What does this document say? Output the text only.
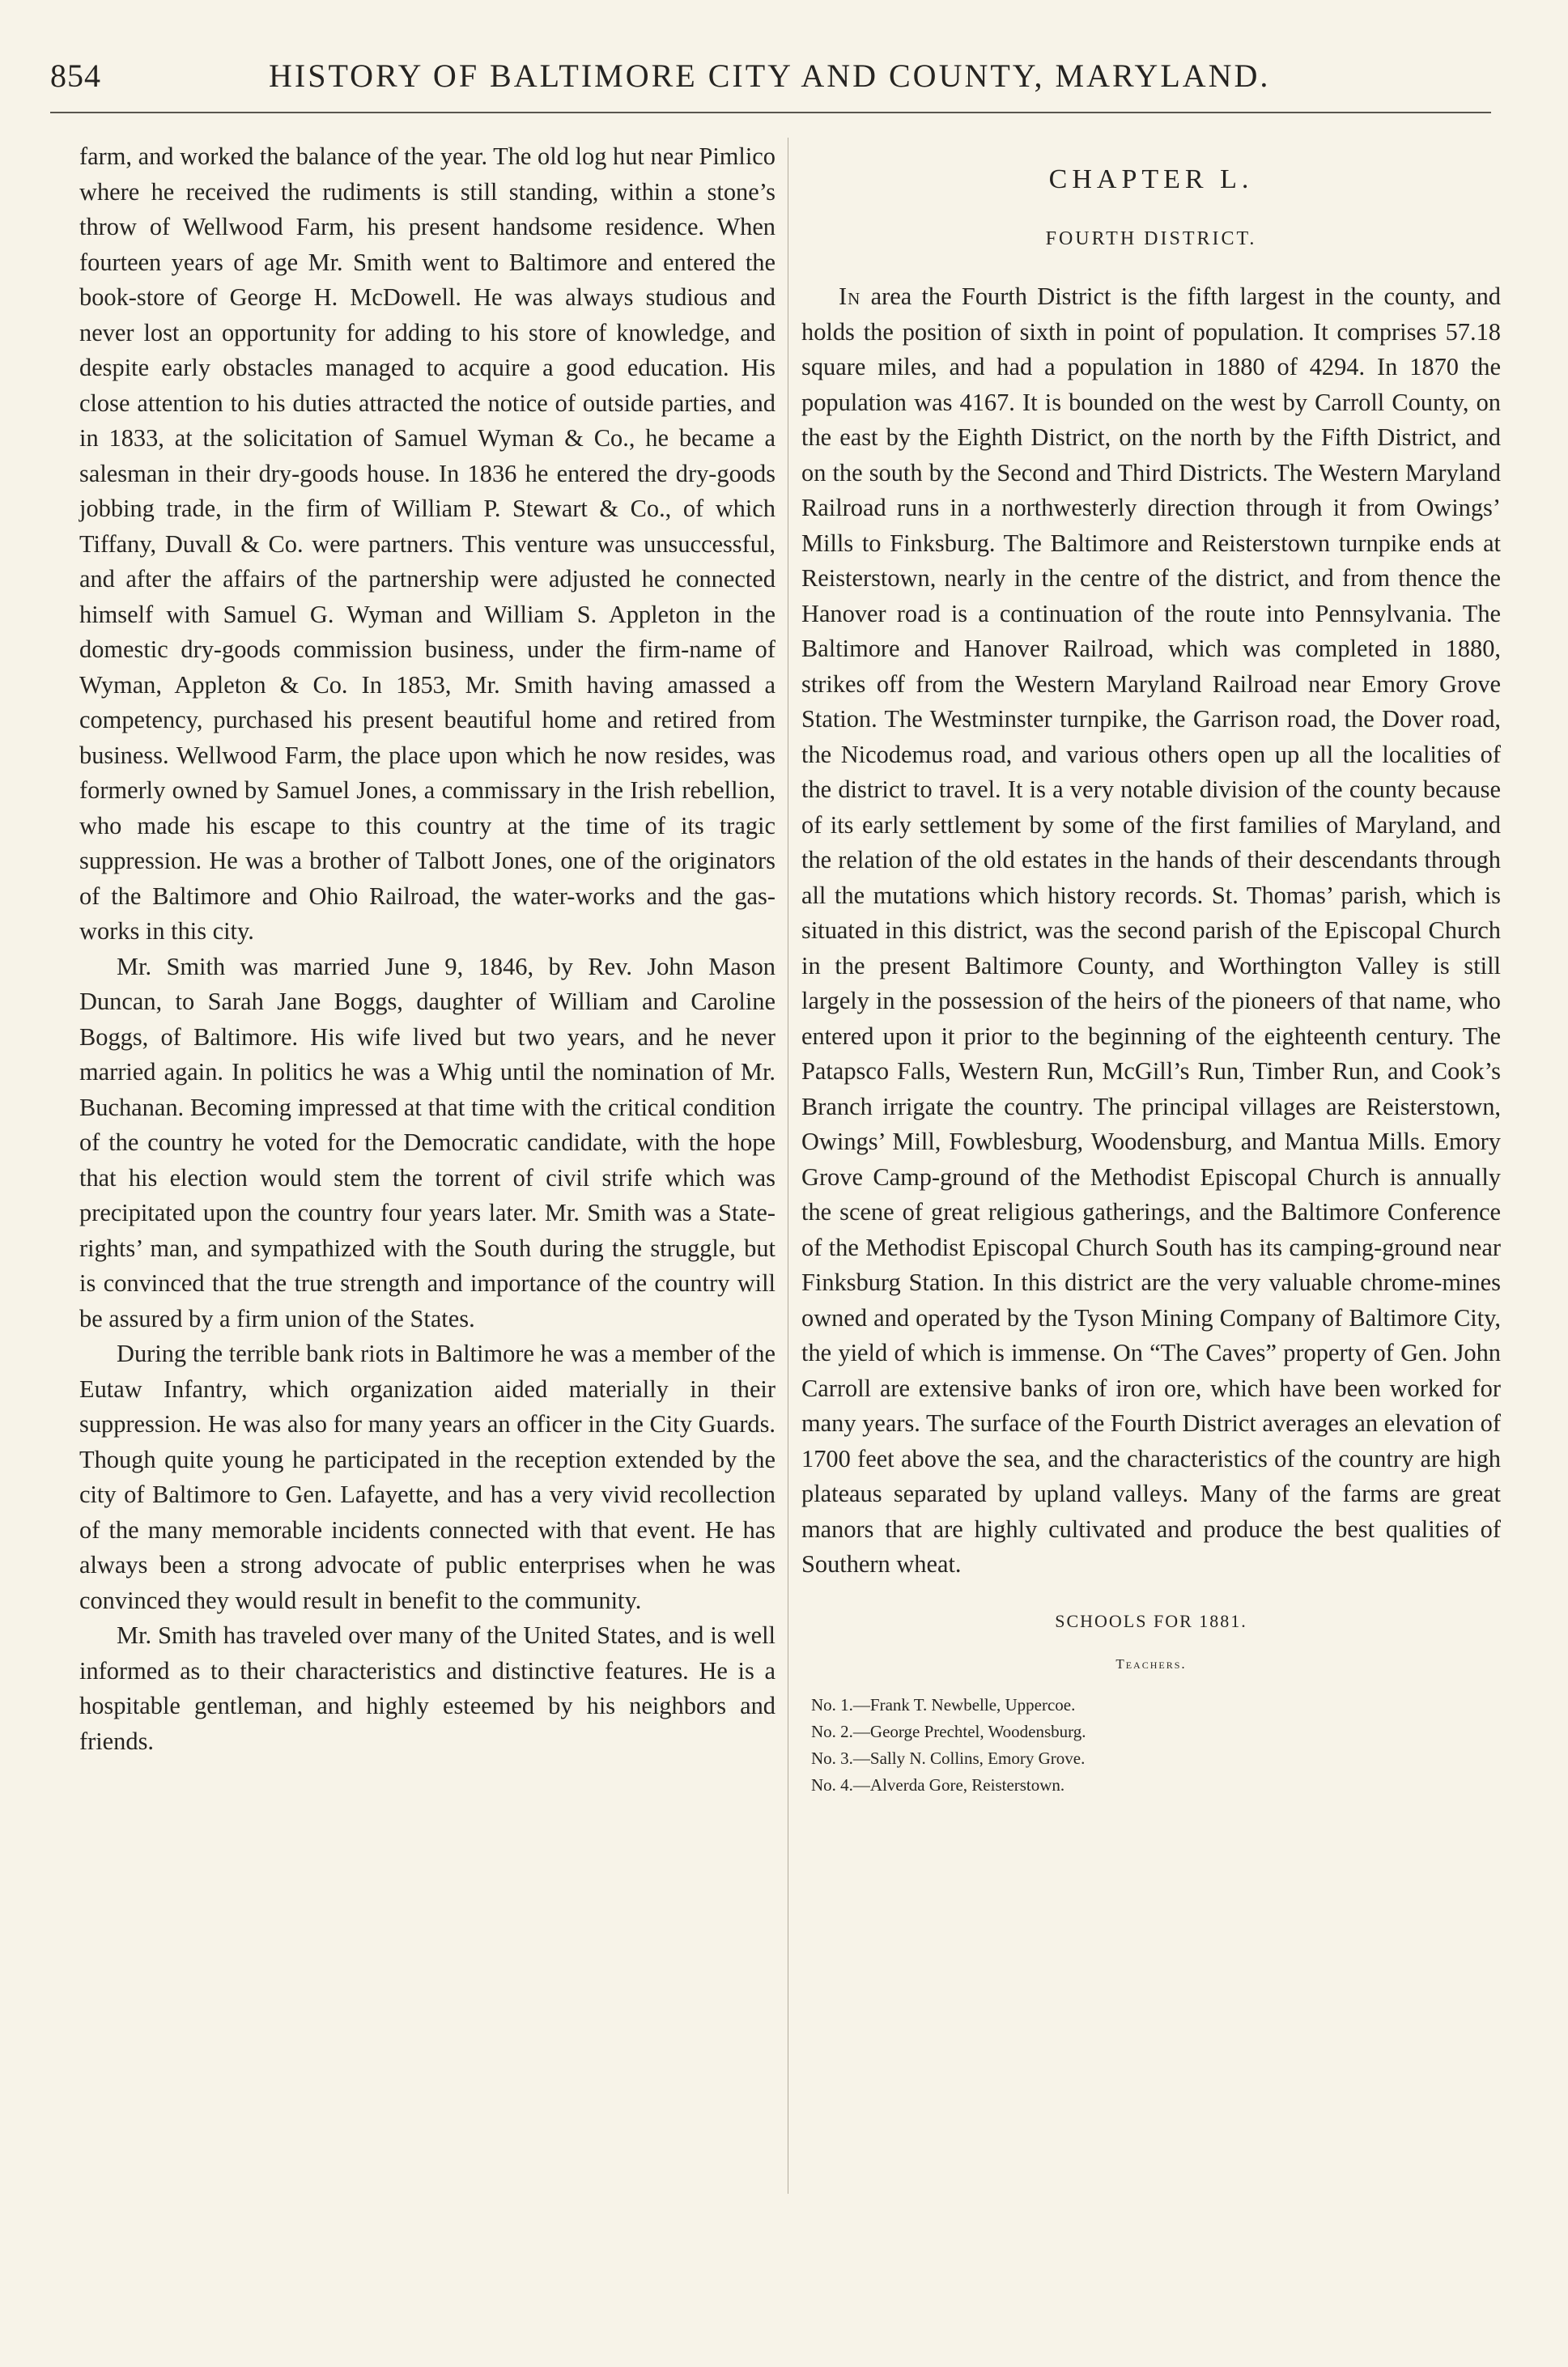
854	HISTORY OF BALTIMORE CITY AND COUNTY, MARYLAND.

farm, and worked the balance of the year. The old log hut near Pimlico where he received the rudiments is still standing, within a stone’s throw of Wellwood Farm, his present handsome residence. When fourteen years of age Mr. Smith went to Baltimore and entered the book-store of George H. McDowell. He was always studious and never lost an opportunity for adding to his store of knowledge, and despite early obstacles managed to acquire a good education. His close attention to his duties attracted the notice of outside parties, and in 1833, at the solicitation of Samuel Wyman & Co., he became a salesman in their dry-goods house. In 1836 he entered the dry-goods jobbing trade, in the firm of William P. Stewart & Co., of which Tiffany, Duvall & Co. were partners. This venture was unsuccessful, and after the affairs of the partnership were adjusted he connected himself with Samuel G. Wyman and William S. Appleton in the domestic dry-goods commission business, under the firm-name of Wyman, Appleton & Co. In 1853, Mr. Smith having amassed a competency, purchased his present beautiful home and retired from business. Wellwood Farm, the place upon which he now resides, was formerly owned by Samuel Jones, a commissary in the Irish rebellion, who made his escape to this country at the time of its tragic suppression. He was a brother of Talbott Jones, one of the originators of the Baltimore and Ohio Railroad, the water-works and the gas-works in this city.

Mr. Smith was married June 9, 1846, by Rev. John Mason Duncan, to Sarah Jane Boggs, daughter of William and Caroline Boggs, of Baltimore. His wife lived but two years, and he never married again. In politics he was a Whig until the nomination of Mr. Buchanan. Becoming impressed at that time with the critical condition of the country he voted for the Democratic candidate, with the hope that his election would stem the torrent of civil strife which was precipitated upon the country four years later. Mr. Smith was a State-rights’ man, and sympathized with the South during the struggle, but is convinced that the true strength and importance of the country will be assured by a firm union of the States.

During the terrible bank riots in Baltimore he was a member of the Eutaw Infantry, which organization aided materially in their suppression. He was also for many years an officer in the City Guards. Though quite young he participated in the reception extended by the city of Baltimore to Gen. Lafayette, and has a very vivid recollection of the many memorable incidents connected with that event. He has always been a strong advocate of public enterprises when he was convinced they would result in benefit to the community.

Mr. Smith has traveled over many of the United States, and is well informed as to their characteristics and distinctive features. He is a hospitable gentleman, and highly esteemed by his neighbors and friends.

CHAPTER L.
FOURTH DISTRICT.

In area the Fourth District is the fifth largest in the county, and holds the position of sixth in point of population. It comprises 57.18 square miles, and had a population in 1880 of 4294. In 1870 the population was 4167. It is bounded on the west by Carroll County, on the east by the Eighth District, on the north by the Fifth District, and on the south by the Second and Third Districts. The Western Maryland Railroad runs in a northwesterly direction through it from Owings’ Mills to Finksburg. The Baltimore and Reisterstown turnpike ends at Reisterstown, nearly in the centre of the district, and from thence the Hanover road is a continuation of the route into Pennsylvania. The Baltimore and Hanover Railroad, which was completed in 1880, strikes off from the Western Maryland Railroad near Emory Grove Station. The Westminster turnpike, the Garrison road, the Dover road, the Nicodemus road, and various others open up all the localities of the district to travel. It is a very notable division of the county because of its early settlement by some of the first families of Maryland, and the relation of the old estates in the hands of their descendants through all the mutations which history records. St. Thomas’ parish, which is situated in this district, was the second parish of the Episcopal Church in the present Baltimore County, and Worthington Valley is still largely in the possession of the heirs of the pioneers of that name, who entered upon it prior to the beginning of the eighteenth century. The Patapsco Falls, Western Run, McGill’s Run, Timber Run, and Cook’s Branch irrigate the country. The principal villages are Reisterstown, Owings’ Mill, Fowblesburg, Woodensburg, and Mantua Mills. Emory Grove Camp-ground of the Methodist Episcopal Church is annually the scene of great religious gatherings, and the Baltimore Conference of the Methodist Episcopal Church South has its camping-ground near Finksburg Station. In this district are the very valuable chrome-mines owned and operated by the Tyson Mining Company of Baltimore City, the yield of which is immense. On “The Caves” property of Gen. John Carroll are extensive banks of iron ore, which have been worked for many years. The surface of the Fourth District averages an elevation of 1700 feet above the sea, and the characteristics of the country are high plateaus separated by upland valleys. Many of the farms are great manors that are highly cultivated and produce the best qualities of Southern wheat.

SCHOOLS FOR 1881.
Teachers.
No. 1.—Frank T. Newbelle, Uppercoe.
No. 2.—George Prechtel, Woodensburg.
No. 3.—Sally N. Collins, Emory Grove.
No. 4.—Alverda Gore, Reisterstown.
